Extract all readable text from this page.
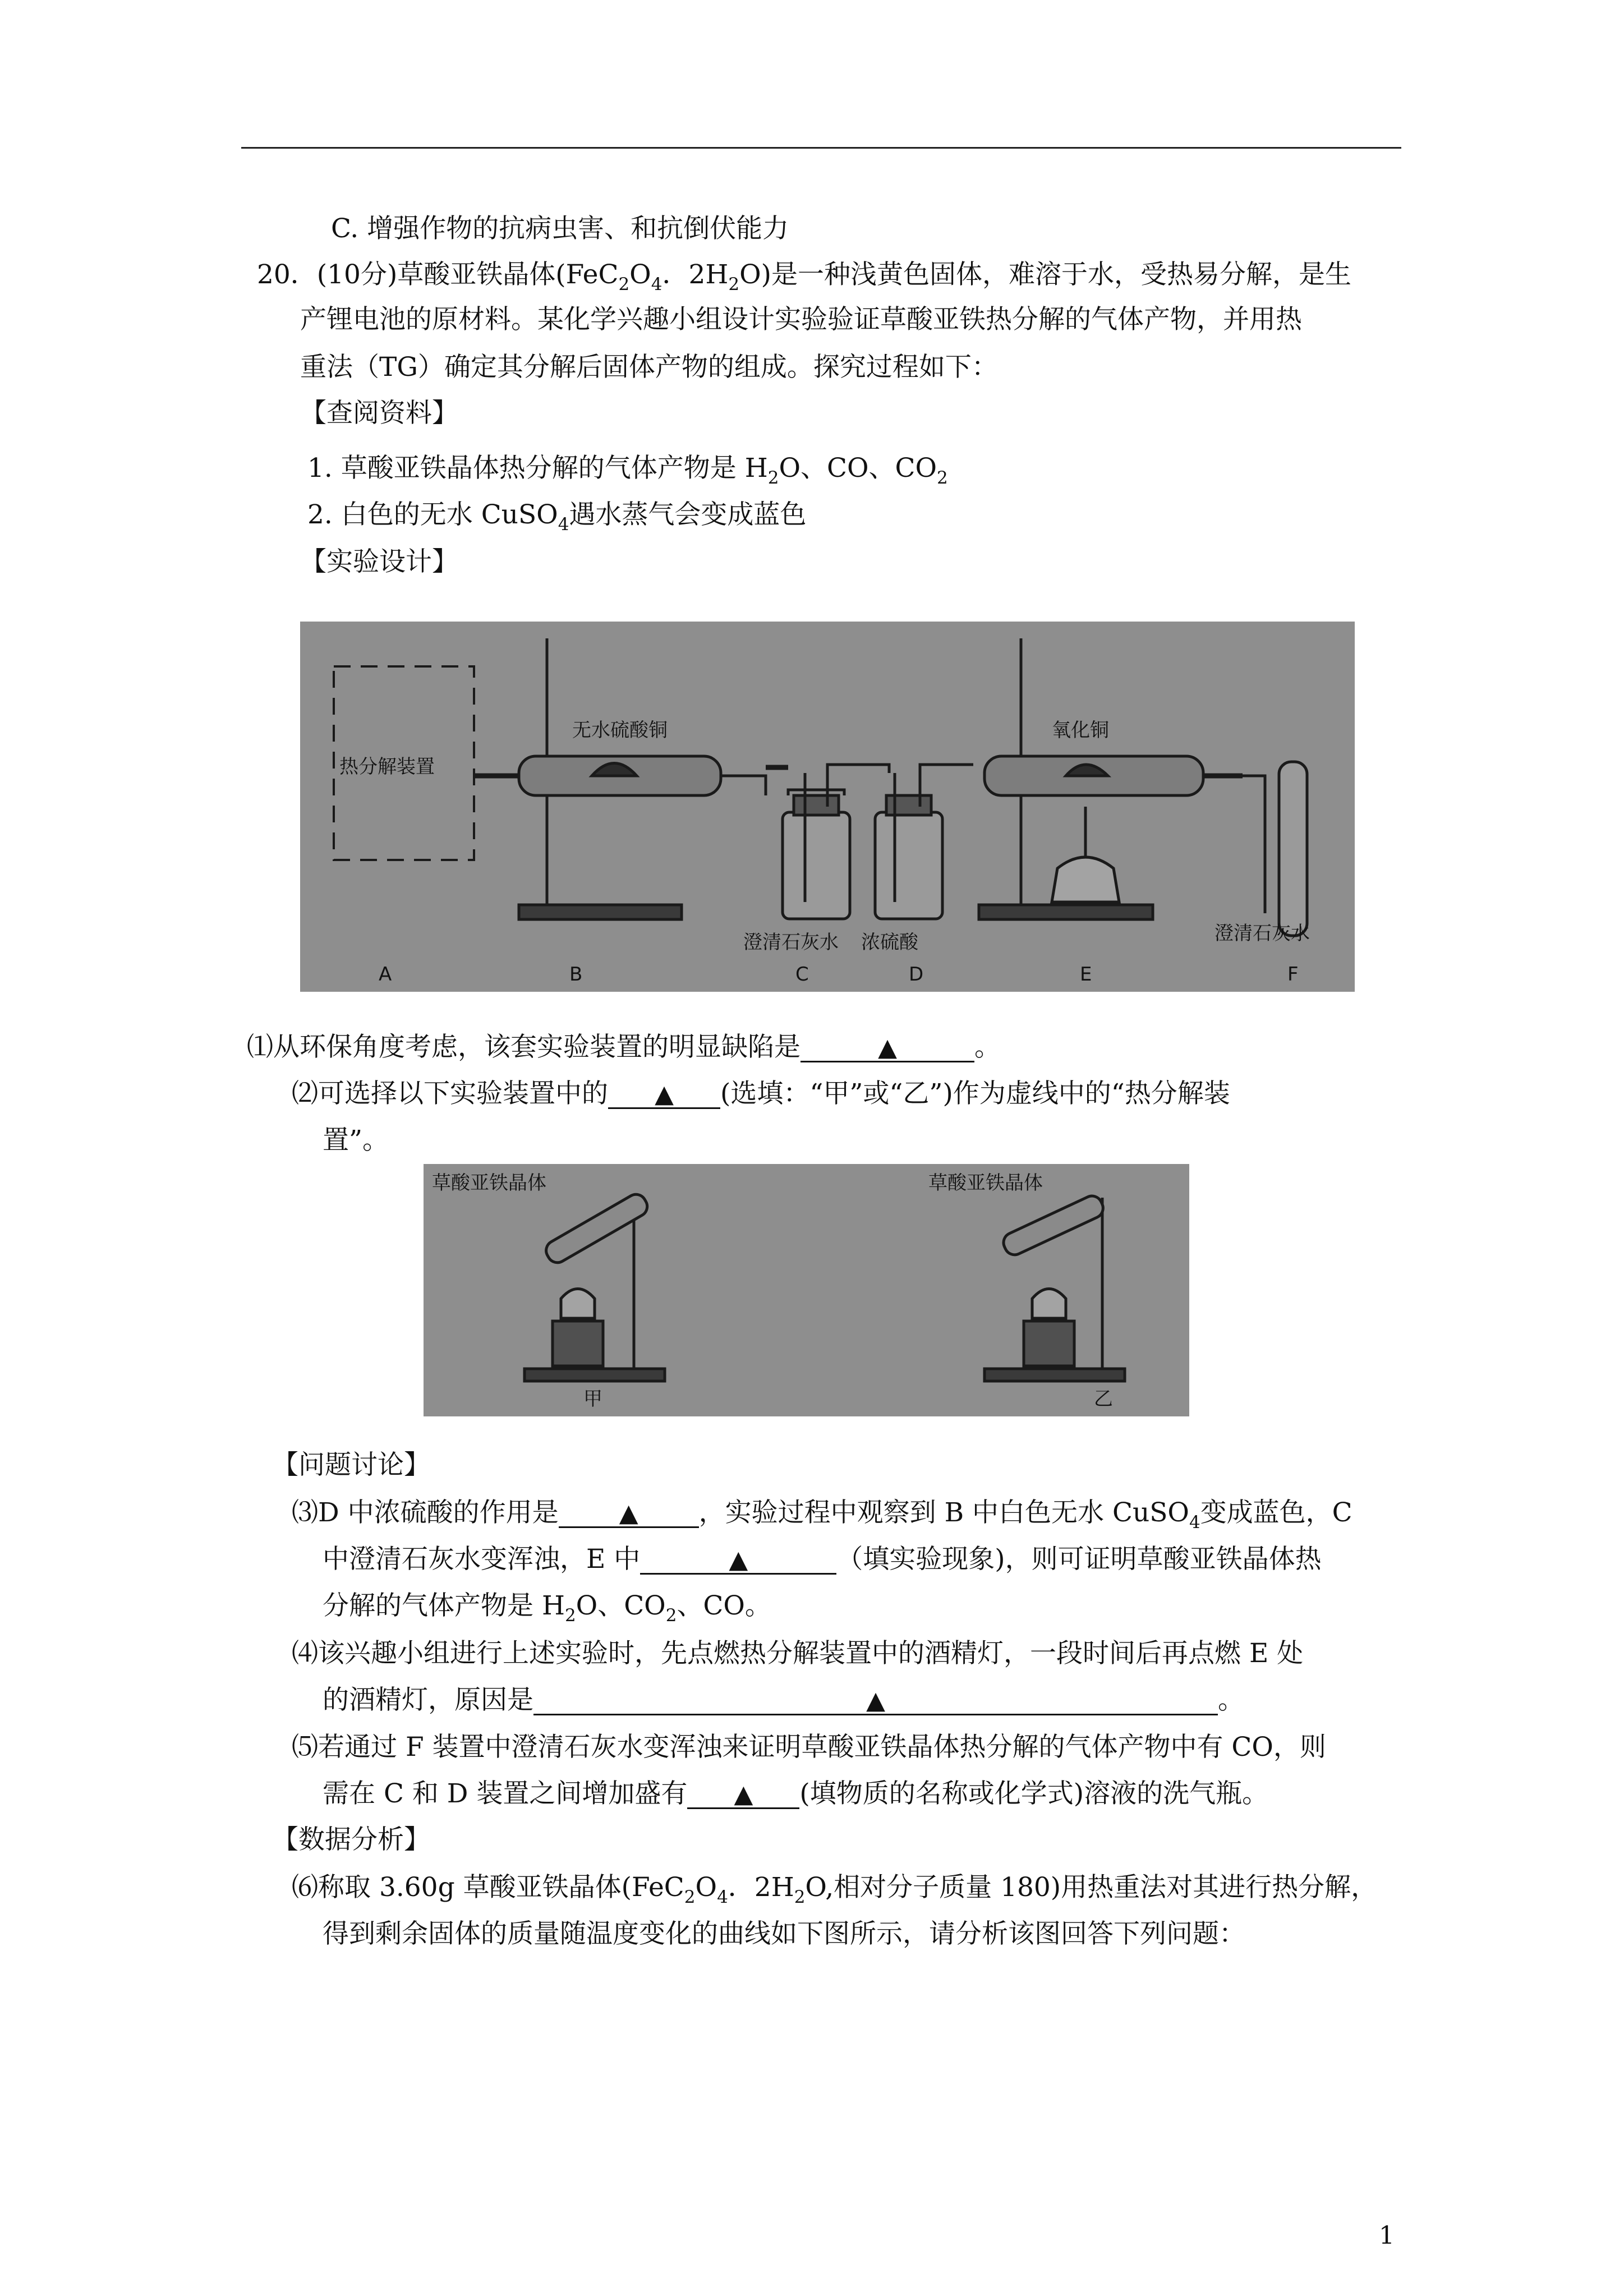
C. 增强作物的抗病虫害、和抗倒伏能力
20．(10分)草酸亚铁晶体($FeC_2O_4$．$2H_2O$)是一种浅黄色固体，难溶于水，受热易分解，是生
产锂电池的原材料。某化学兴趣小组设计实验验证草酸亚铁热分解的气体产物，并用热
重法（TG）确定其分解后固体产物的组成。探究过程如下：
【查阅资料】
1. 草酸亚铁晶体热分解的气体产物是 $H_2O$、CO、$CO_2$
2. 白色的无水 CuSO$_4$遇水蒸气会变成蓝色
【实验设计】
热分解装置
无水硫酸铜	氧化铜
澄清石灰水 浓硫酸	澄清石灰水
A	B	C	D	E	F
⑴从环保角度考虑，该套实验装置的明显缺陷是	▲	。
⑵可选择以下实验装置中的 ▲ (选填：“甲”或“乙”)作为虚线中的“热分解装
置”。
草酸亚铁晶体	草酸亚铁晶体
甲	乙
【问题讨论】
⑶D 中浓硫酸的作用是 ▲ ，实验过程中观察到 B 中白色无水 CuSO$_4$变成蓝色，C
中澄清石灰水变浑浊，E 中	▲	（填实验现象)，则可证明草酸亚铁晶体热
分解的气体产物是 $H_2O$、$CO_2$、CO。
⑷该兴趣小组进行上述实验时，先点燃热分解装置中的酒精灯，一段时间后再点燃 E 处
的酒精灯，原因是	▲	。
⑸若通过 F 装置中澄清石灰水变浑浊来证明草酸亚铁晶体热分解的气体产物中有 CO，则
需在 C 和 D 装置之间增加盛有 ▲ (填物质的名称或化学式)溶液的洗气瓶。
【数据分析】
⑹称取 3.60g 草酸亚铁晶体($FeC_2O_4$．$2H_2O$,相对分子质量 180)用热重法对其进行热分解，
得到剩余固体的质量随温度变化的曲线如下图所示，请分析该图回答下列问题：
1
